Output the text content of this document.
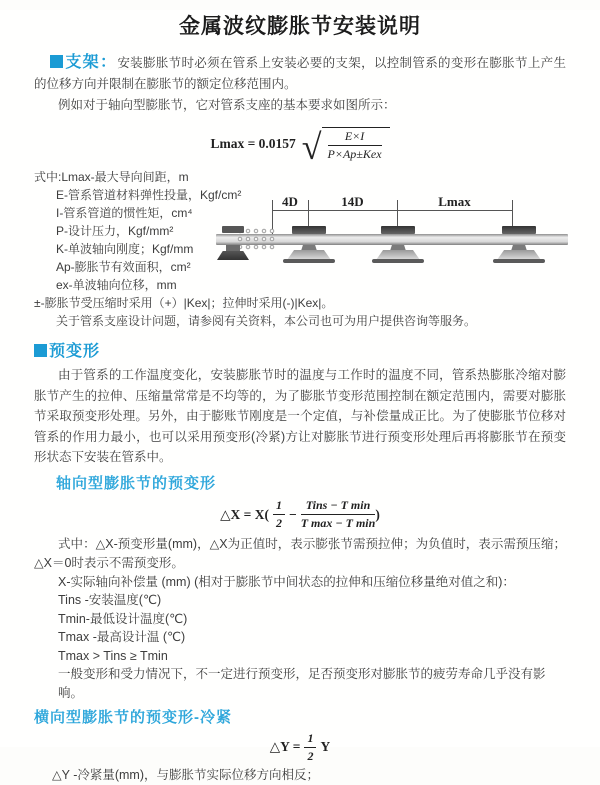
金属波纹膨胀节安装说明

支架：安装膨胀节时必须在管系上安装必要的支架，以控制管系的变形在膨胀节上产生的位移方向并限制在膨胀节的额定位移范围内。

例如对于轴向型膨胀节，它对管系支座的基本要求如图所示：

Lmax = 0.0157 √ $\frac{E\times I}{\text{P×Ap±Kex}}$
式中:Lmax-最大导向间距，m
E-管系管道材料弹性投量，Kgf/cm²
I-管系管道的惯性矩，cm⁴
P-设计压力，Kgf/mm²
K-单波轴向刚度；Kgf/mm
Ap-膨胀节有效面积，cm²
ex-单波轴向位移，mm
±-膨胀节受压缩时采用（+）|Kex|；拉伸时采用(-)|Kex|。
4D	14D	Lmax

关于管系支座设计问题，请参阅有关资料，本公司也可为用户提供咨询等服务。

预变形

由于管系的工作温度变化，安装膨胀节时的温度与工作时的温度不同，管系热膨胀冷缩对膨胀节产生的拉伸、压缩量常常是不均等的，为了膨胀节变形范围控制在额定范围内，需要对膨胀节采取预变形处理。另外，由于膨账节刚度是一个定值，与补偿量成正比。为了使膨胀节位移对管系的作用力最小，也可以采用预变形(冷紧)方让对膨胀节进行预变形处理后再将膨胀节在预变形状态下安装在管系中。

轴向型膨胀节的预变形
△X = $X( \frac{1}{2} - \frac{\text{Tins − T min}}{\text{T max − T min}}$ )

式中：△X-预变形量(mm)，△X为正值时，表示膨张节需预拉伸；为负值时，表示需预压缩；△X＝0时表示不需预变形。

X-实际轴向补偿量 (mm) (相对于膨胀节中间状态的拉伸和压缩位移量绝对值之和)：
Tins -安装温度(℃)
Tmin-最低设计温度(℃)
Tmax -最高设计温 (℃)
Tmax > Tins ≥ Tmin
一般变形和受力情况下，不一定进行预变形，足否预变形对膨胀节的疲劳寿命几乎没有影响。
横向型膨胀节的预变形-冷紧
△Y = $\frac{1}{2}$ Y

△Y -冷紧量(mm)，与膨胀节实际位移方向相反；
